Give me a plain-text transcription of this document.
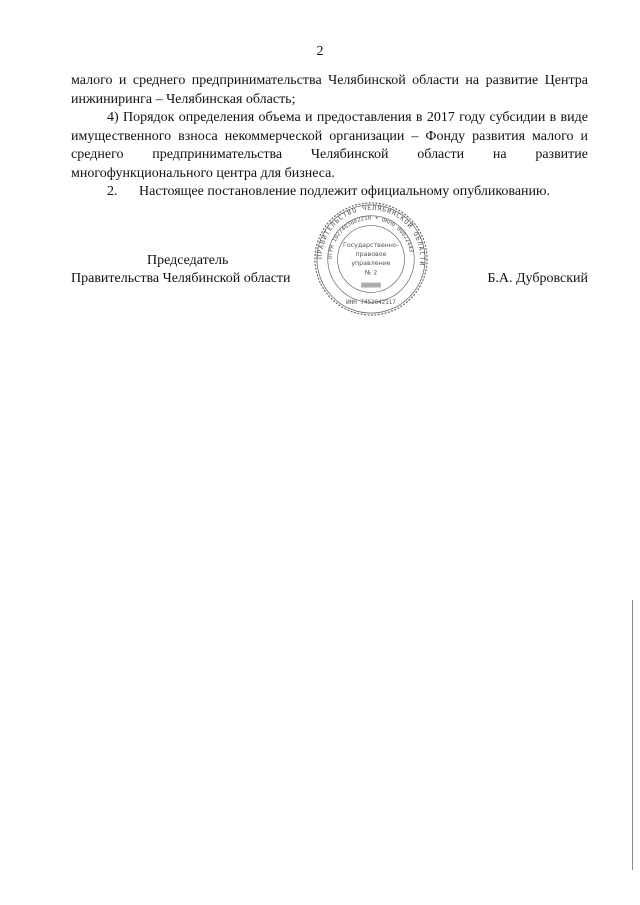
2

малого и среднего предпринимательства Челябинской области на развитие Центра инжиниринга – Челябинская область;

4) Порядок определения объема и предоставления в 2017 году субсидии в виде имущественного взноса некоммерческой организации – Фонду развития малого и среднего предпринимательства Челябинской области на развитие многофункционального центра для бизнеса.

2. Настоящее постановление подлежит официальному опубликованию.

Председатель
Правительства Челябинской области	Б.А. Дубровский
ПРАВИТЕЛЬСТВО ЧЕЛЯБИНСКОЙ ОБЛАСТИ
ОГРН 1027403882210 • ОКПО 00022443
ИНН 7452042117
Государственно-
правовое
управление
№ 2
